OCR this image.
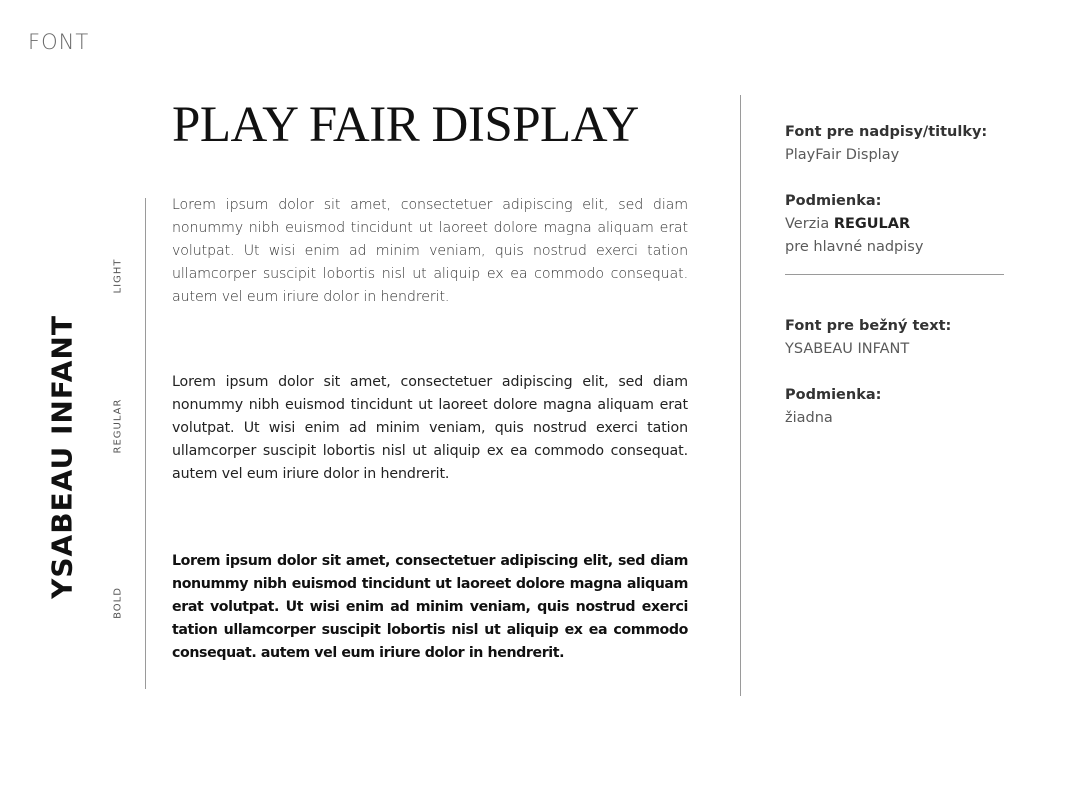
FONT
PLAY FAIR DISPLAY
YSABEAU INFANT
LIGHT
REGULAR
BOLD

Lorem ipsum dolor sit amet, consectetuer adipiscing elit, sed diam nonummy nibh euismod tincidunt ut laoreet dolore magna aliquam erat volutpat. Ut wisi enim ad minim veniam, quis nostrud exerci tation ullamcorper suscipit lobortis nisl ut aliquip ex ea commodo consequat. autem vel eum iriure dolor in hendrerit.

Lorem ipsum dolor sit amet, consectetuer adipiscing elit, sed diam nonummy nibh euismod tincidunt ut laoreet dolore magna aliquam erat volutpat. Ut wisi enim ad minim veniam, quis nostrud exerci tation ullamcorper suscipit lobortis nisl ut aliquip ex ea commodo consequat. autem vel eum iriure dolor in hendrerit.

Lorem ipsum dolor sit amet, consectetuer adipiscing elit, sed diam nonummy nibh euismod tincidunt ut laoreet dolore magna aliquam erat volutpat. Ut wisi enim ad minim veniam, quis nostrud exerci tation ullamcorper suscipit lobortis nisl ut aliquip ex ea commodo consequat. autem vel eum iriure dolor in hendrerit.

Font pre nadpisy/titulky:
PlayFair Display
Podmienka:
Verzia REGULAR
pre hlavné nadpisy
Font pre bežný text:
YSABEAU INFANT
Podmienka:
žiadna
